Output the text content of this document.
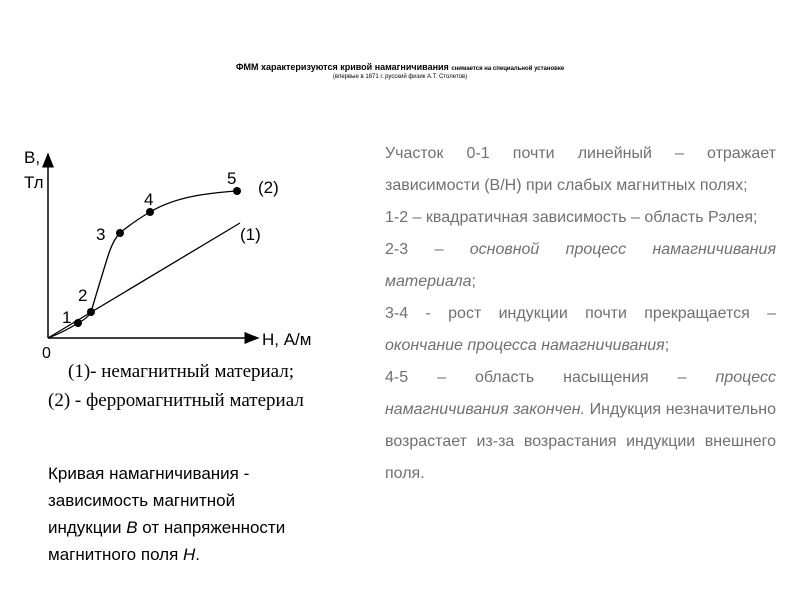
ФММ характеризуются кривой намагничивания снимается на специальной установке
(впервые в 1871 г. русский физик А.Т. Столетов)
B,
Тл
H, А/м
0
1
2
3
4
5 (2)
(1)
(1)- немагнитный материал;
(2) - ферромагнитный материал
Кривая намагничивания -
зависимость магнитной
индукции B от напряженности
магнитного поля H.

Участок 0-1 почти линейный – отражает зависимости (B/H) при слабых магнитных полях;

1-2 – квадратичная зависимость – область Рэлея;

2-3 – основной процесс намагничивания материала;

3-4 - рост индукции почти прекращается – окончание процесса намагничивания;

4-5 – область насыщения – процесс намагничивания закончен. Индукция незначительно возрастает из-за возрастания индукции внешнего поля.
